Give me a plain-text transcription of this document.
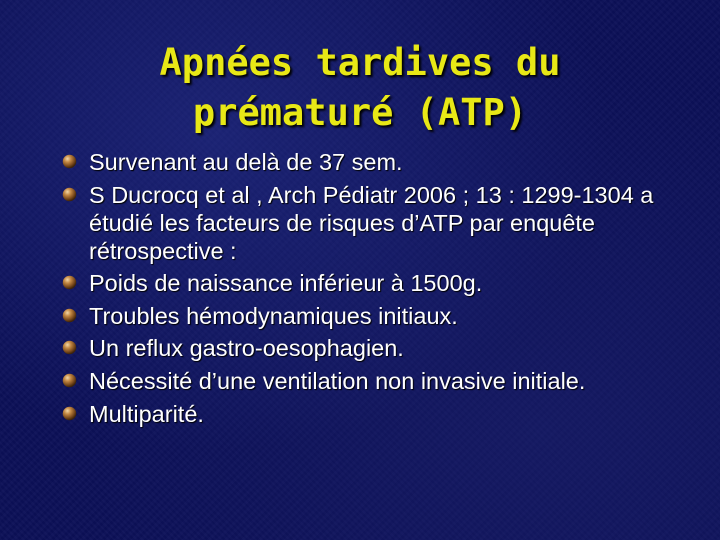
Apnées tardives du
prématuré (ATP)
Survenant au delà de 37 sem.
S Ducrocq et al , Arch Pédiatr 2006 ; 13 : 1299-1304 a étudié les facteurs de risques d’ATP par enquête rétrospective :
Poids de naissance inférieur à 1500g.
Troubles hémodynamiques initiaux.
Un reflux gastro-oesophagien.
Nécessité d’une ventilation non invasive initiale.
Multiparité.
